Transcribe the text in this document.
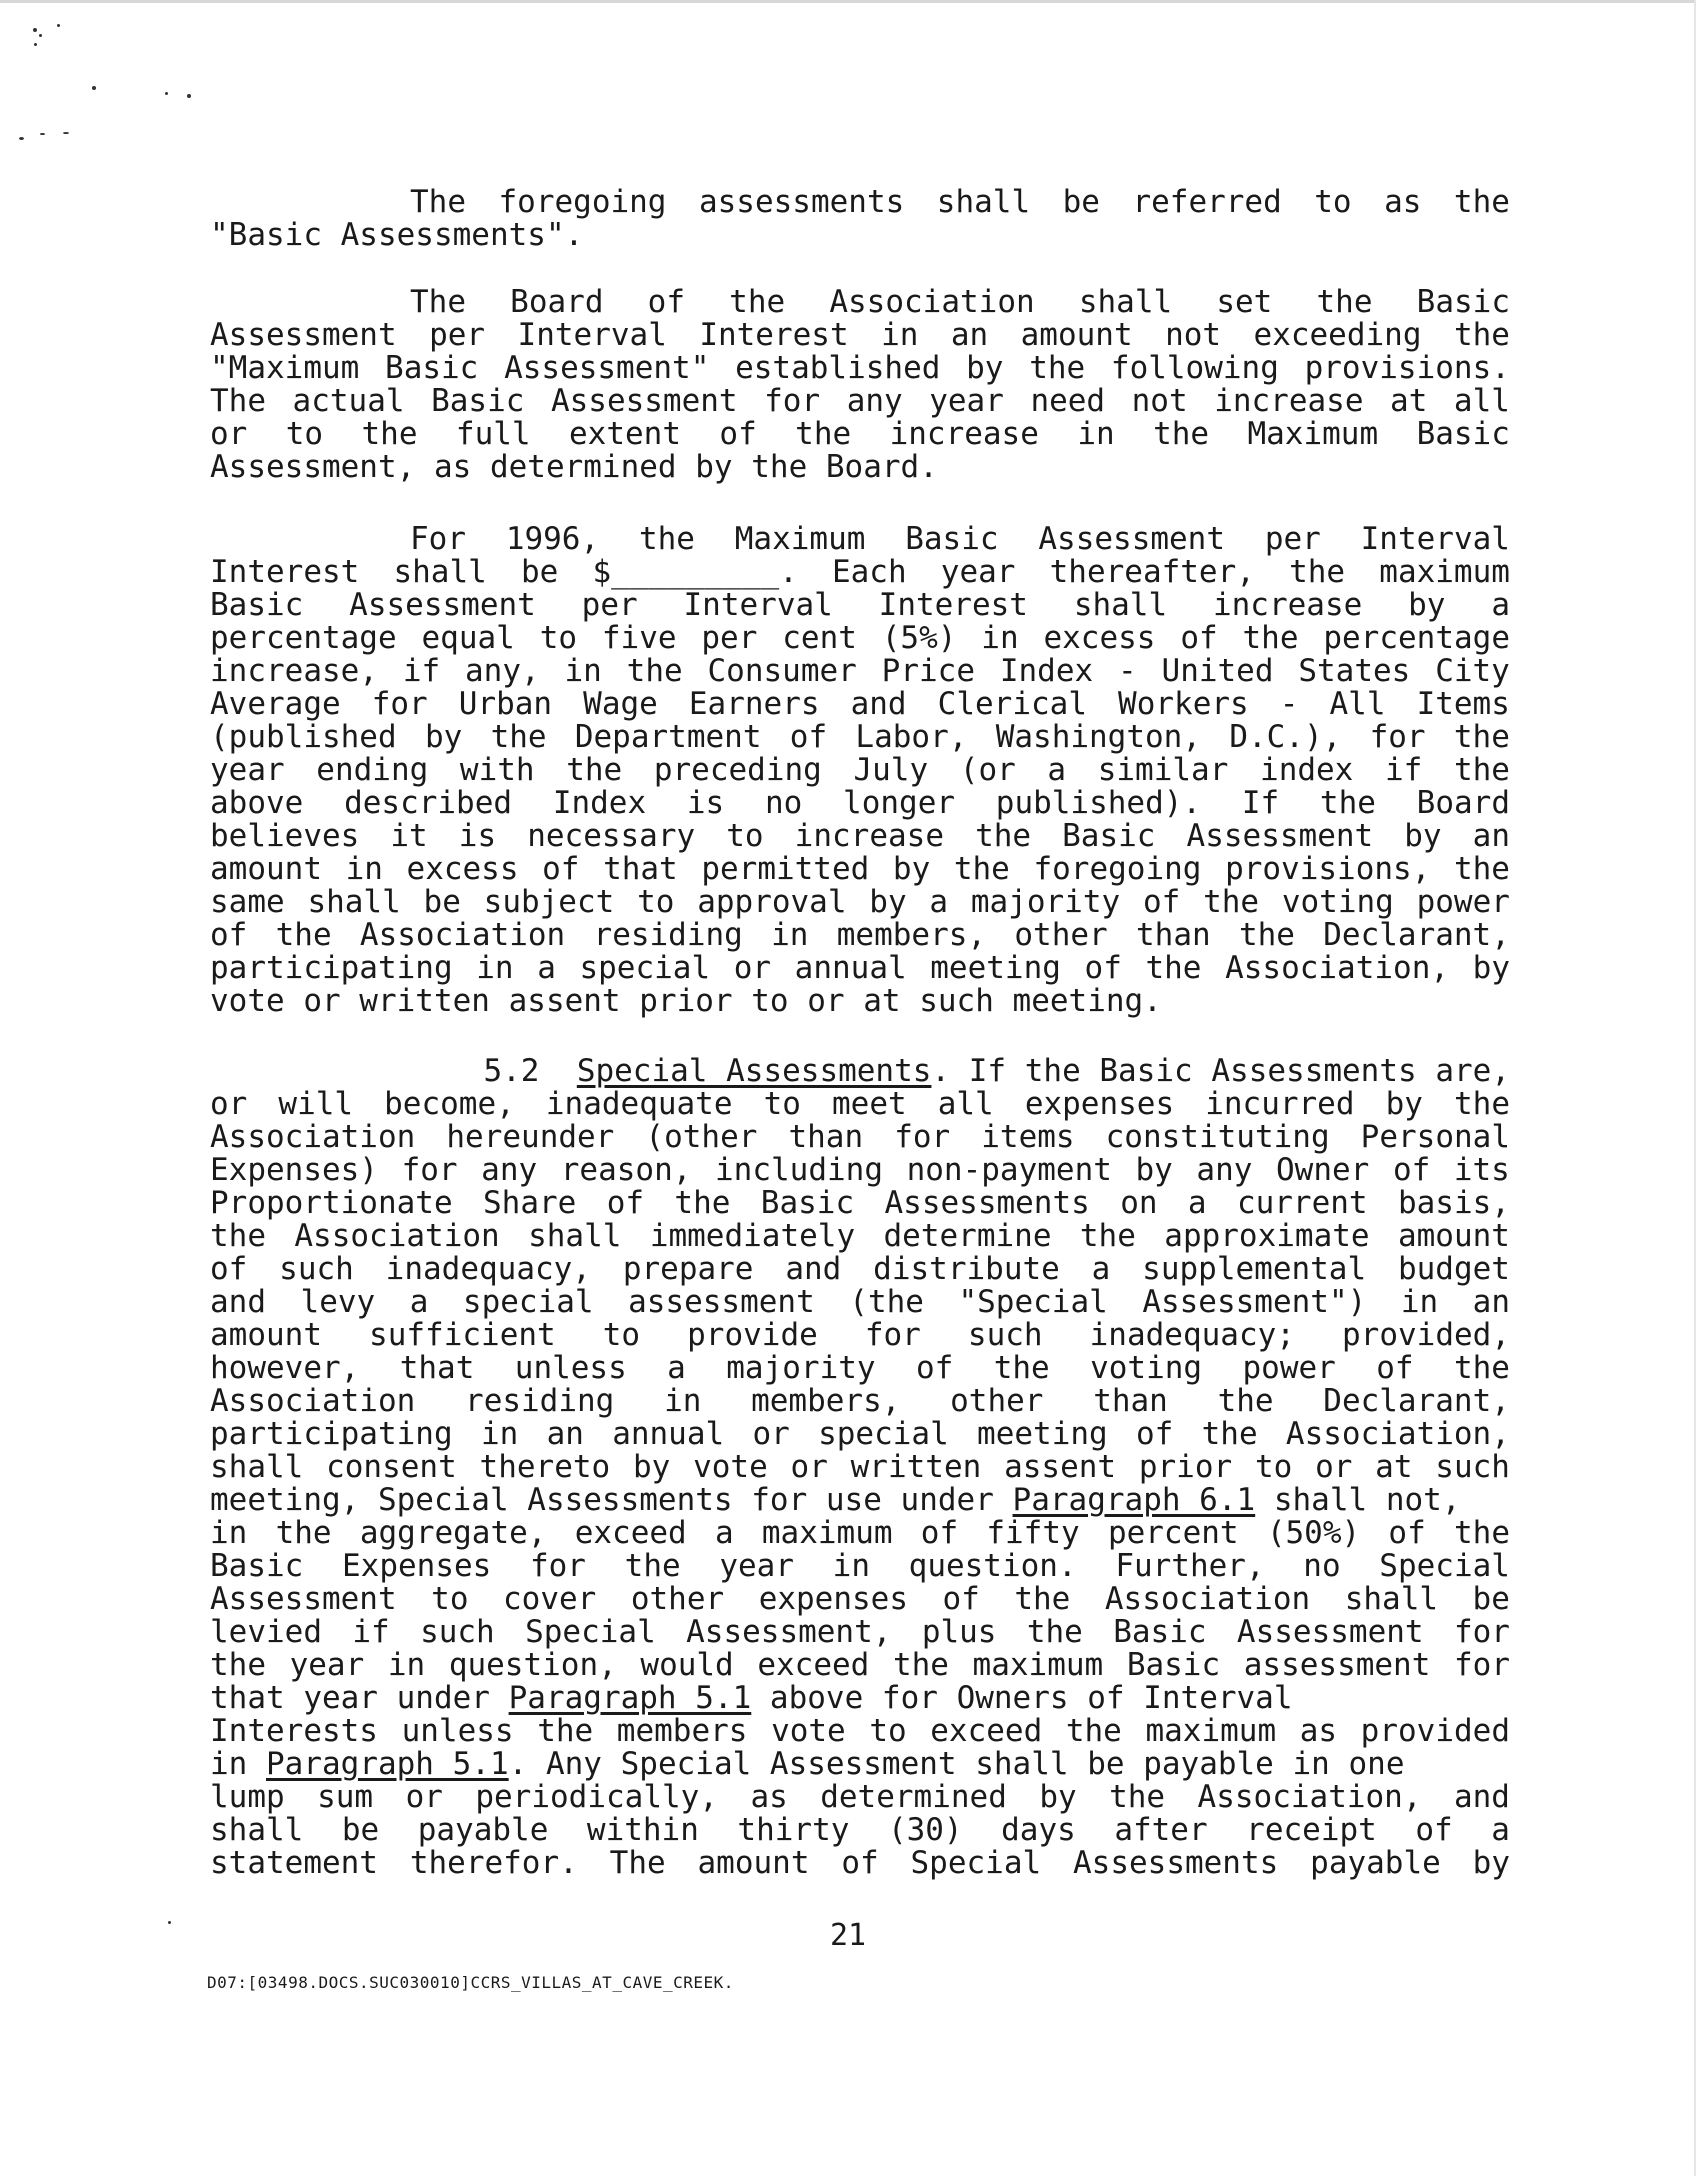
The foregoing assessments shall be referred to as the
"Basic Assessments".
The Board of the Association shall set the Basic
Assessment per Interval Interest in an amount not exceeding the
"Maximum Basic Assessment" established by the following provisions.
The actual Basic Assessment for any year need not increase at all
or to the full extent of the increase in the Maximum Basic
Assessment, as determined by the Board.
For 1996, the Maximum Basic Assessment per Interval
Interest shall be $_________. Each year thereafter, the maximum
Basic Assessment per Interval Interest shall increase by a
percentage equal to five per cent (5%) in excess of the percentage
increase, if any, in the Consumer Price Index - United States City
Average for Urban Wage Earners and Clerical Workers - All Items
(published by the Department of Labor, Washington, D.C.), for the
year ending with the preceding July (or a similar index if the
above described Index is no longer published). If the Board
believes it is necessary to increase the Basic Assessment by an
amount in excess of that permitted by the foregoing provisions, the
same shall be subject to approval by a majority of the voting power
of the Association residing in members, other than the Declarant,
participating in a special or annual meeting of the Association, by
vote or written assent prior to or at such meeting.
5.2 Special Assessments. If the Basic Assessments are,
or will become, inadequate to meet all expenses incurred by the
Association hereunder (other than for items constituting Personal
Expenses) for any reason, including non-payment by any Owner of its
Proportionate Share of the Basic Assessments on a current basis,
the Association shall immediately determine the approximate amount
of such inadequacy, prepare and distribute a supplemental budget
and levy a special assessment (the "Special Assessment") in an
amount sufficient to provide for such inadequacy; provided,
however, that unless a majority of the voting power of the
Association residing in members, other than the Declarant,
participating in an annual or special meeting of the Association,
shall consent thereto by vote or written assent prior to or at such
meeting, Special Assessments for use under Paragraph 6.1 shall not,
in the aggregate, exceed a maximum of fifty percent (50%) of the
Basic Expenses for the year in question. Further, no Special
Assessment to cover other expenses of the Association shall be
levied if such Special Assessment, plus the Basic Assessment for
the year in question, would exceed the maximum Basic assessment for
that year under Paragraph 5.1 above for Owners of Interval
Interests unless the members vote to exceed the maximum as provided
in Paragraph 5.1. Any Special Assessment shall be payable in one
lump sum or periodically, as determined by the Association, and
shall be payable within thirty (30) days after receipt of a
statement therefor. The amount of Special Assessments payable by
21
D07:[03498.DOCS.SUC030010]CCRS_VILLAS_AT_CAVE_CREEK.
